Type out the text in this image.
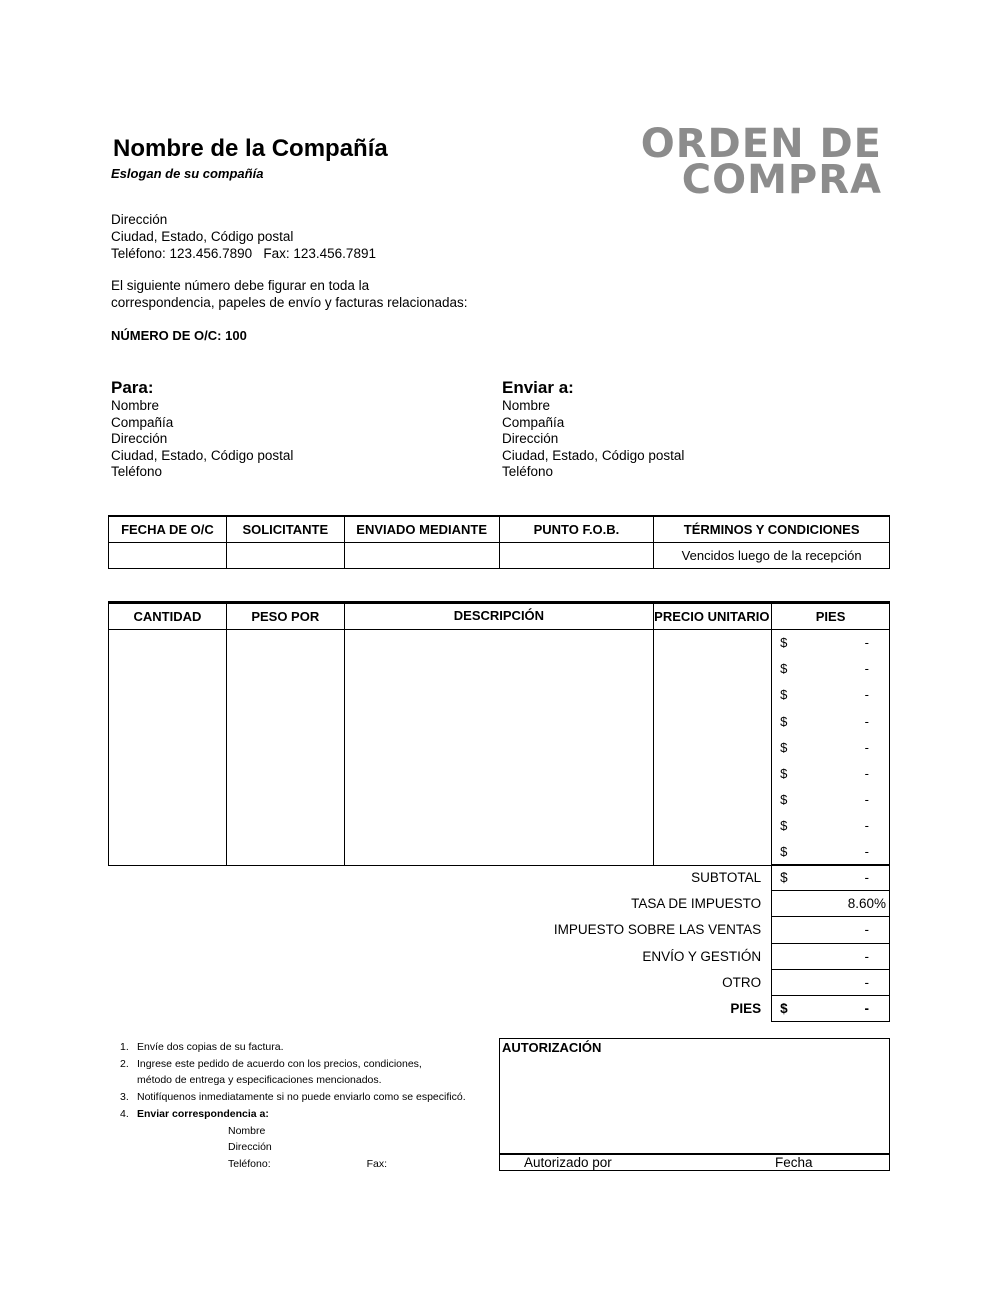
Nombre de la Compañía
Eslogan de su compañía
ORDEN DE
COMPRA
Dirección
Ciudad, Estado, Código postal
Teléfono: 123.456.7890   Fax: 123.456.7891
El siguiente número debe figurar en toda la
correspondencia, papeles de envío y facturas relacionadas:
NÚMERO DE O/C: 100
Para:
Nombre
Compañía
Dirección
Ciudad, Estado, Código postal
Teléfono
Enviar a:
Nombre
Compañía
Dirección
Ciudad, Estado, Código postal
Teléfono
FECHA DE O/C	SOLICITANTE	ENVIADO MEDIANTE	PUNTO F.O.B.	TÉRMINOS Y CONDICIONES
				Vencidos luego de la recepción
CANTIDAD	PESO POR	DESCRIPCIÓN	PRECIO UNITARIO	PIES

				$ -

				$ -

				$ -

				$ -

				$ -

				$ -

				$ -

				$ -

				$ -
SUBTOTAL	$ -

TASA DE IMPUESTO	8.60%
IMPUESTO SOBRE LAS VENTAS	-
ENVÍO Y GESTIÓN	-
OTRO	-
PIES	$ -
1. Envíe dos copias de su factura.
2. Ingrese este pedido de acuerdo con los precios, condiciones,
método de entrega y especificaciones mencionados.
3. Notifíquenos inmediatamente si no puede enviarlo como se especificó.
4. Enviar correspondencia a:
Nombre
Dirección
Teléfono:	Fax:
AUTORIZACIÓN
Autorizado por	Fecha
